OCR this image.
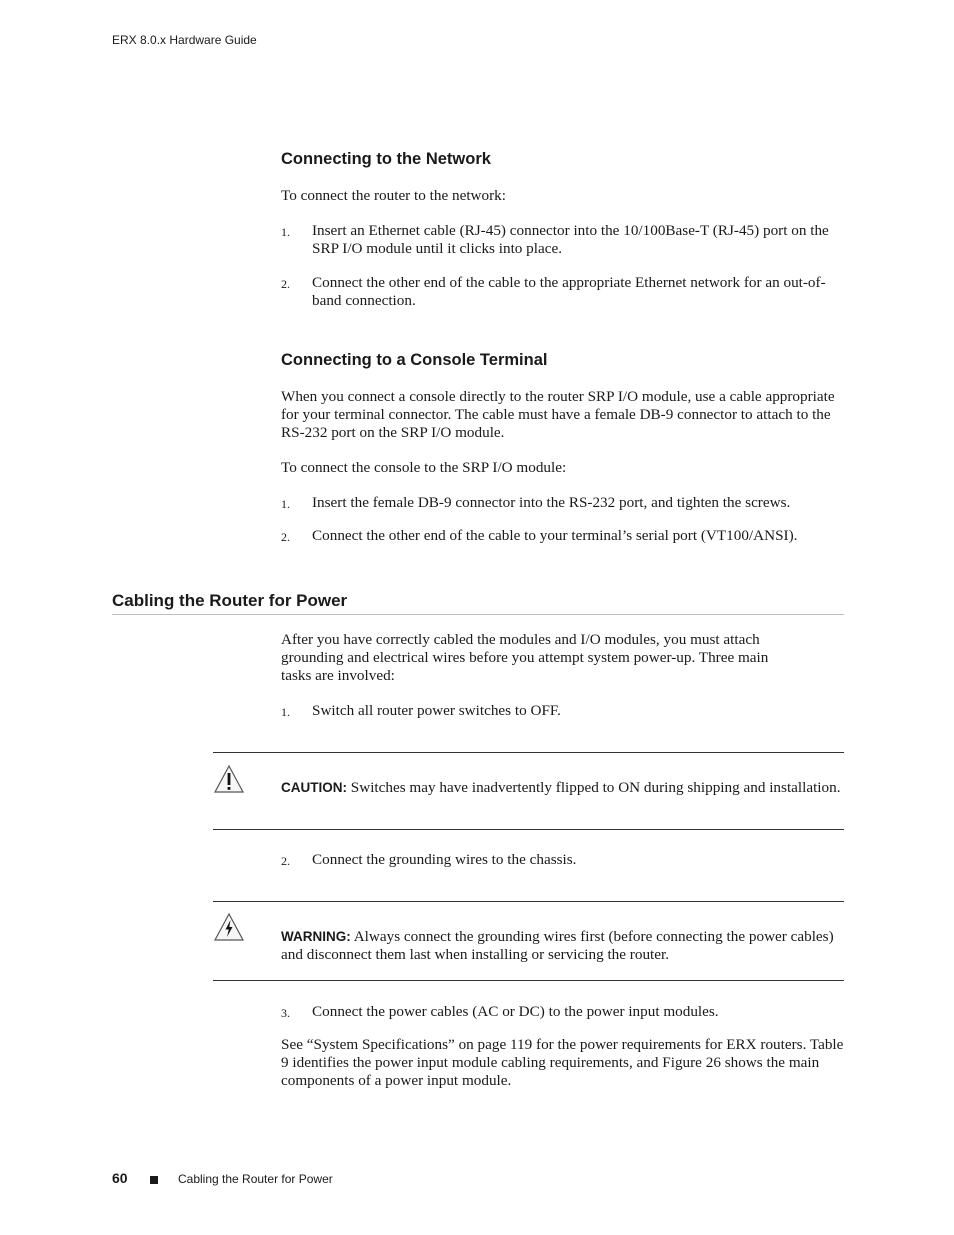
ERX 8.0.x Hardware Guide
Connecting to the Network
To connect the router to the network:
1. Insert an Ethernet cable (RJ-45) connector into the 10/100Base-T (RJ-45) port on the SRP I/O module until it clicks into place.
2. Connect the other end of the cable to the appropriate Ethernet network for an out-of-band connection.
Connecting to a Console Terminal
When you connect a console directly to the router SRP I/O module, use a cable appropriate for your terminal connector. The cable must have a female DB-9 connector to attach to the RS-232 port on the SRP I/O module.
To connect the console to the SRP I/O module:
1. Insert the female DB-9 connector into the RS-232 port, and tighten the screws.
2. Connect the other end of the cable to your terminal’s serial port (VT100/ANSI).
Cabling the Router for Power
After you have correctly cabled the modules and I/O modules, you must attach grounding and electrical wires before you attempt system power-up. Three main tasks are involved:
1. Switch all router power switches to OFF.
CAUTION: Switches may have inadvertently flipped to ON during shipping and installation.
2. Connect the grounding wires to the chassis.
WARNING: Always connect the grounding wires first (before connecting the power cables) and disconnect them last when installing or servicing the router.
3. Connect the power cables (AC or DC) to the power input modules.
See “System Specifications” on page 119 for the power requirements for ERX routers. Table 9 identifies the power input module cabling requirements, and Figure 26 shows the main components of a power input module.
60	Cabling the Router for Power
